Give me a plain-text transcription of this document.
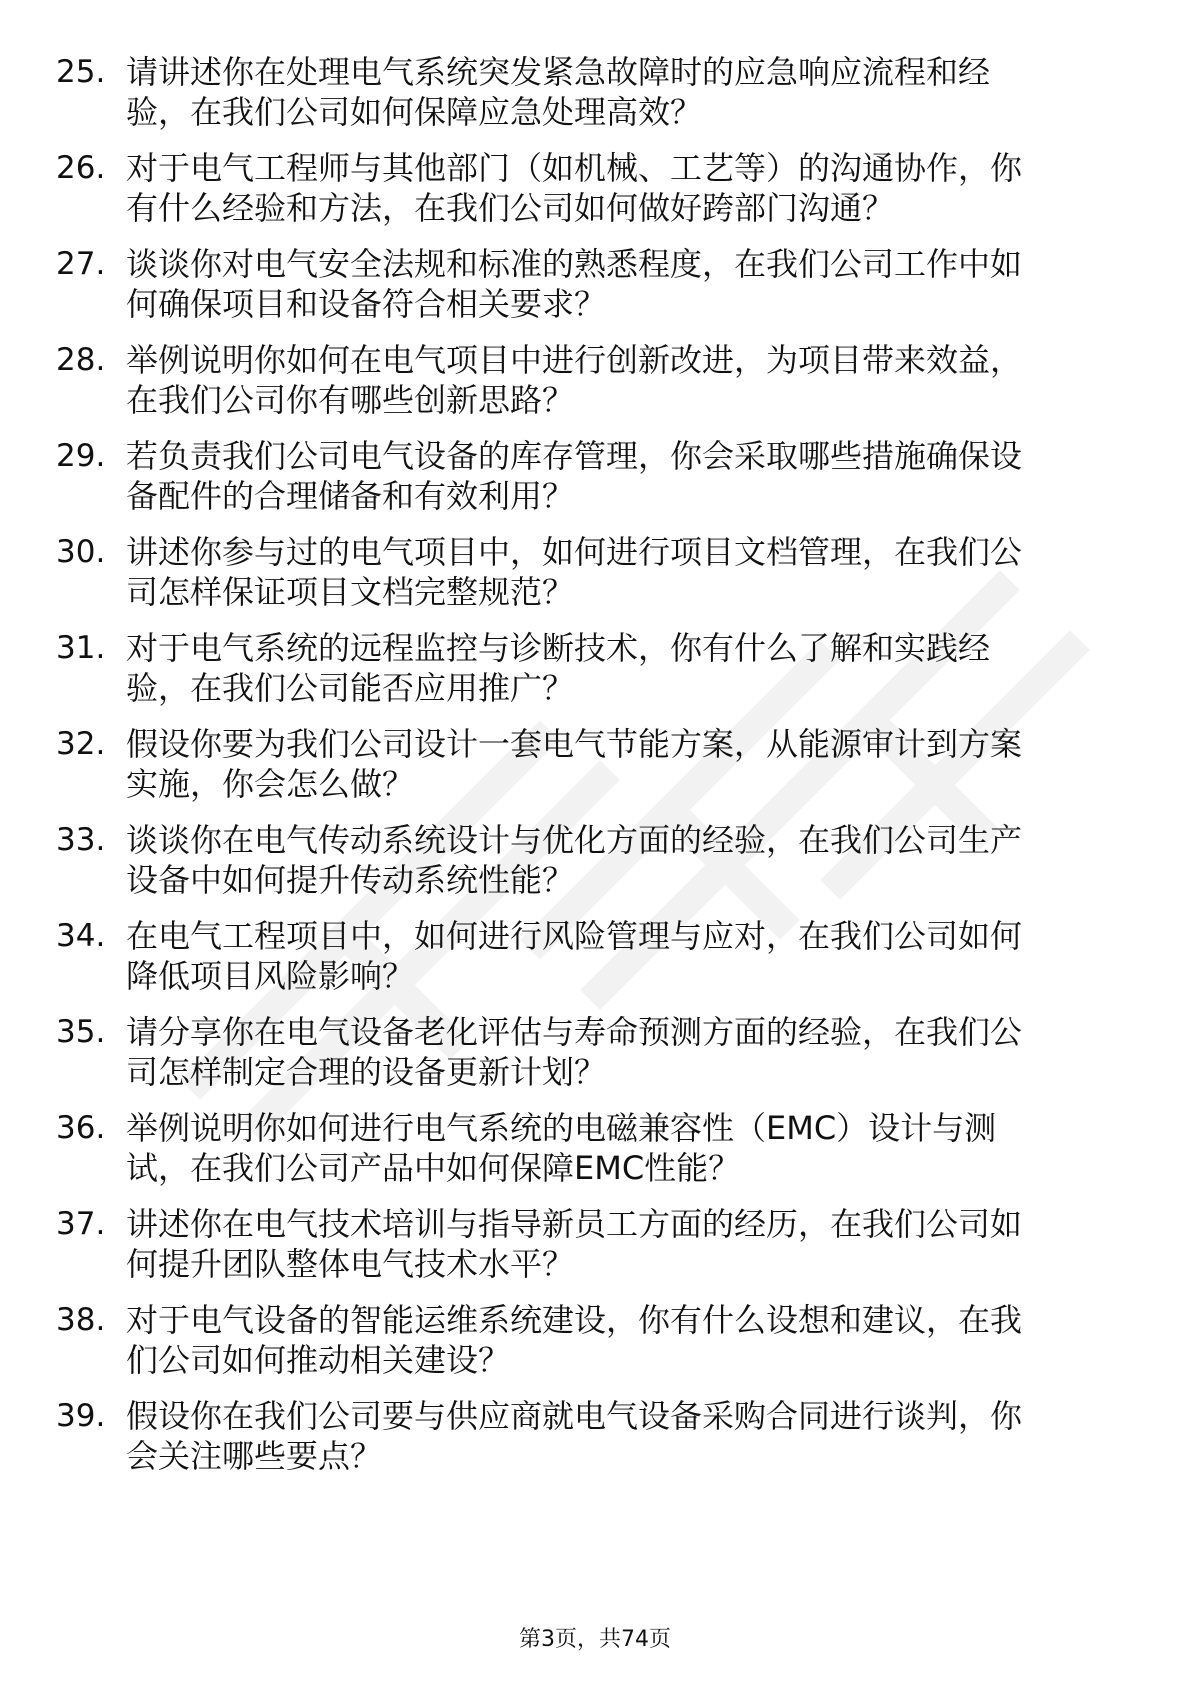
25. 请讲述你在处理电气系统突发紧急故障时的应急响应流程和经
验，在我们公司如何保障应急处理高效？
26. 对于电气工程师与其他部门（如机械、工艺等）的沟通协作，你
有什么经验和方法，在我们公司如何做好跨部门沟通？
27. 谈谈你对电气安全法规和标准的熟悉程度，在我们公司工作中如
何确保项目和设备符合相关要求？
28. 举例说明你如何在电气项目中进行创新改进，为项目带来效益，
在我们公司你有哪些创新思路？
29. 若负责我们公司电气设备的库存管理，你会采取哪些措施确保设
备配件的合理储备和有效利用？
30. 讲述你参与过的电气项目中，如何进行项目文档管理，在我们公
司怎样保证项目文档完整规范？
31. 对于电气系统的远程监控与诊断技术，你有什么了解和实践经
验，在我们公司能否应用推广？
32. 假设你要为我们公司设计一套电气节能方案，从能源审计到方案
实施，你会怎么做？
33. 谈谈你在电气传动系统设计与优化方面的经验，在我们公司生产
设备中如何提升传动系统性能？
34. 在电气工程项目中，如何进行风险管理与应对，在我们公司如何
降低项目风险影响？
35. 请分享你在电气设备老化评估与寿命预测方面的经验，在我们公
司怎样制定合理的设备更新计划？
36. 举例说明你如何进行电气系统的电磁兼容性（EMC）设计与测
试，在我们公司产品中如何保障EMC性能？
37. 讲述你在电气技术培训与指导新员工方面的经历，在我们公司如
何提升团队整体电气技术水平？
38. 对于电气设备的智能运维系统建设，你有什么设想和建议，在我
们公司如何推动相关建设？
39. 假设你在我们公司要与供应商就电气设备采购合同进行谈判，你
会关注哪些要点？
第3页，共74页
